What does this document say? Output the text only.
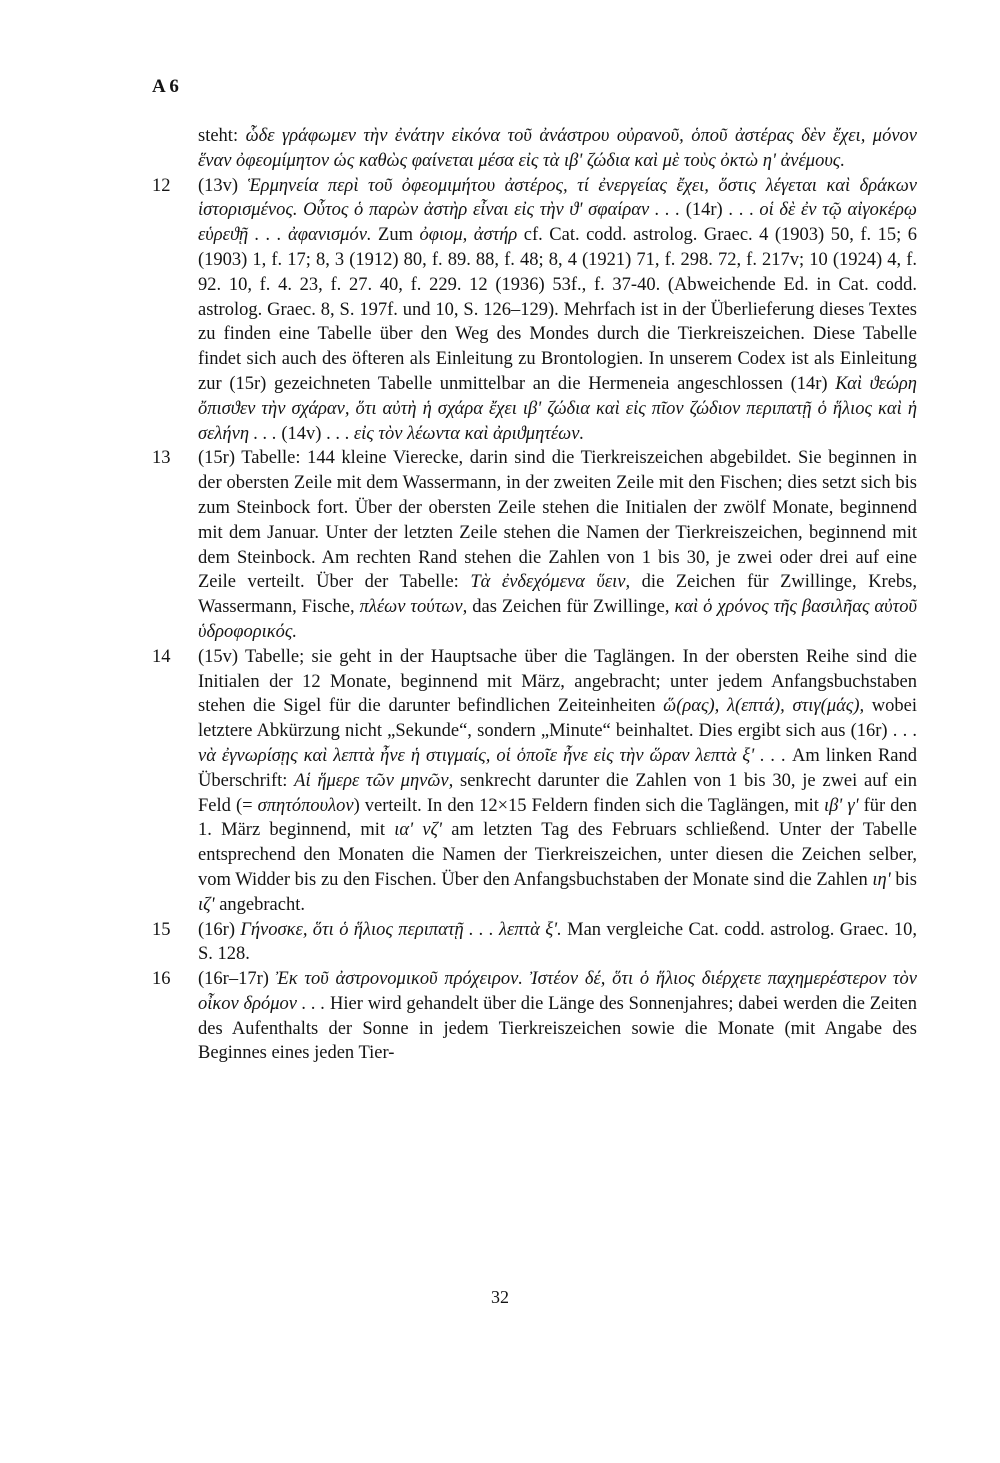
A 6
steht: ὧδε γράφωμεν τὴν ἐνάτην εἰκόνα τοῦ ἀνάστρου οὐρανοῦ, ὁποῦ ἀστέρας δὲν ἔχει, μόνον ἕναν ὀφεομίμητον ὡς καθὼς φαίνεται μέσα εἰς τὰ ιβ' ζώδια καὶ μὲ τοὺς ὀκτὼ η' ἀνέμους.
12 (13v) Ἑρμηνεία περὶ τοῦ ὀφεομιμήτου ἀστέρος, τί ἐνεργείας ἔχει, ὅστις λέγεται καὶ δράκων ἱστορισμένος. Οὗτος ὁ παρὼν ἀστὴρ εἶναι εἰς τὴν ϑ' σφαίραν . . . (14r) . . . οἱ δὲ ἐν τῷ αἰγοκέρῳ εὑρεϑῇ . . . ἀφανισμόν. Zum ὀφιομ, ἀστήρ cf. Cat. codd. astrolog. Graec. 4 (1903) 50, f. 15; 6 (1903) 1, f. 17; 8, 3 (1912) 80, f. 89. 88, f. 48; 8, 4 (1921) 71, f. 298. 72, f. 217v; 10 (1924) 4, f. 92. 10, f. 4. 23, f. 27. 40, f. 229. 12 (1936) 53f., f. 37-40. (Abweichende Ed. in Cat. codd. astrolog. Graec. 8, S. 197f. und 10, S. 126–129). Mehrfach ist in der Überlieferung dieses Textes zu finden eine Tabelle über den Weg des Mondes durch die Tierkreiszeichen. Diese Tabelle findet sich auch des öfteren als Einleitung zu Brontologien. In unserem Codex ist als Einleitung zur (15r) gezeichneten Tabelle unmittelbar an die Hermeneia angeschlossen (14r) Καὶ ϑεώρη ὄπισϑεν τὴν σχάραν, ὅτι αὐτὴ ἡ σχάρα ἔχει ιβ' ζώδια καὶ εἰς πῖον ζώδιον περιπατῇ ὁ ἥλιος καὶ ἡ σελήνη . . . (14v) . . . εἰς τὸν λέωντα καὶ ἀριϑμητέων.
13 (15r) Tabelle: 144 kleine Vierecke, darin sind die Tierkreiszeichen abgebildet. Sie beginnen in der obersten Zeile mit dem Wassermann, in der zweiten Zeile mit den Fischen; dies setzt sich bis zum Steinbock fort. Über der obersten Zeile stehen die Initialen der zwölf Monate, beginnend mit dem Januar. Unter der letzten Zeile stehen die Namen der Tierkreiszeichen, beginnend mit dem Steinbock. Am rechten Rand stehen die Zahlen von 1 bis 30, je zwei oder drei auf eine Zeile verteilt. Über der Tabelle: Τὰ ἐνδεχόμενα ὕειν, die Zeichen für Zwillinge, Krebs, Wassermann, Fische, πλέων τούτων, das Zeichen für Zwillinge, καὶ ὁ χρόνος τῆς βασιλῆας αὐτοῦ ὑδροφορικός.
14 (15v) Tabelle; sie geht in der Hauptsache über die Taglängen. In der obersten Reihe sind die Initialen der 12 Monate, beginnend mit März, angebracht; unter jedem Anfangsbuchstaben stehen die Sigel für die darunter befindlichen Zeiteinheiten ὥ(ρας), λ(επτά), στιγ(μάς), wobei letztere Abkürzung nicht „Sekunde“, sondern „Minute“ beinhaltet. Dies ergibt sich aus (16r) . . . νὰ ἐγνωρίσῃς καὶ λεπτὰ ἦνε ἡ στιγμαίς, οἱ ὁποῖε ἦνε εἰς τὴν ὥραν λεπτὰ ξ' . . . Am linken Rand Überschrift: Αἱ ἥμερε τῶν μηνῶν, senkrecht darunter die Zahlen von 1 bis 30, je zwei auf ein Feld (= σπητόπουλον) verteilt. In den 12×15 Feldern finden sich die Taglängen, mit ιβ' γ' für den 1. März beginnend, mit ια' νζ' am letzten Tag des Februars schließend. Unter der Tabelle entsprechend den Monaten die Namen der Tierkreiszeichen, unter diesen die Zeichen selber, vom Widder bis zu den Fischen. Über den Anfangsbuchstaben der Monate sind die Zahlen ιη' bis ιζ' angebracht.
15 (16r) Γήνοσκε, ὅτι ὁ ἥλιος περιπατῇ . . . λεπτὰ ξ'. Man vergleiche Cat. codd. astrolog. Graec. 10, S. 128.
16 (16r–17r) Ἐκ τοῦ ἀστρονομικοῦ πρόχειρον. Ἰστέον δέ, ὅτι ὁ ἥλιος διέρχετε παχημερέστερον τὸν οἶκον δρόμον . . . Hier wird gehandelt über die Länge des Sonnenjahres; dabei werden die Zeiten des Aufenthalts der Sonne in jedem Tierkreiszeichen sowie die Monate (mit Angabe des Beginnes eines jeden Tier-
32
